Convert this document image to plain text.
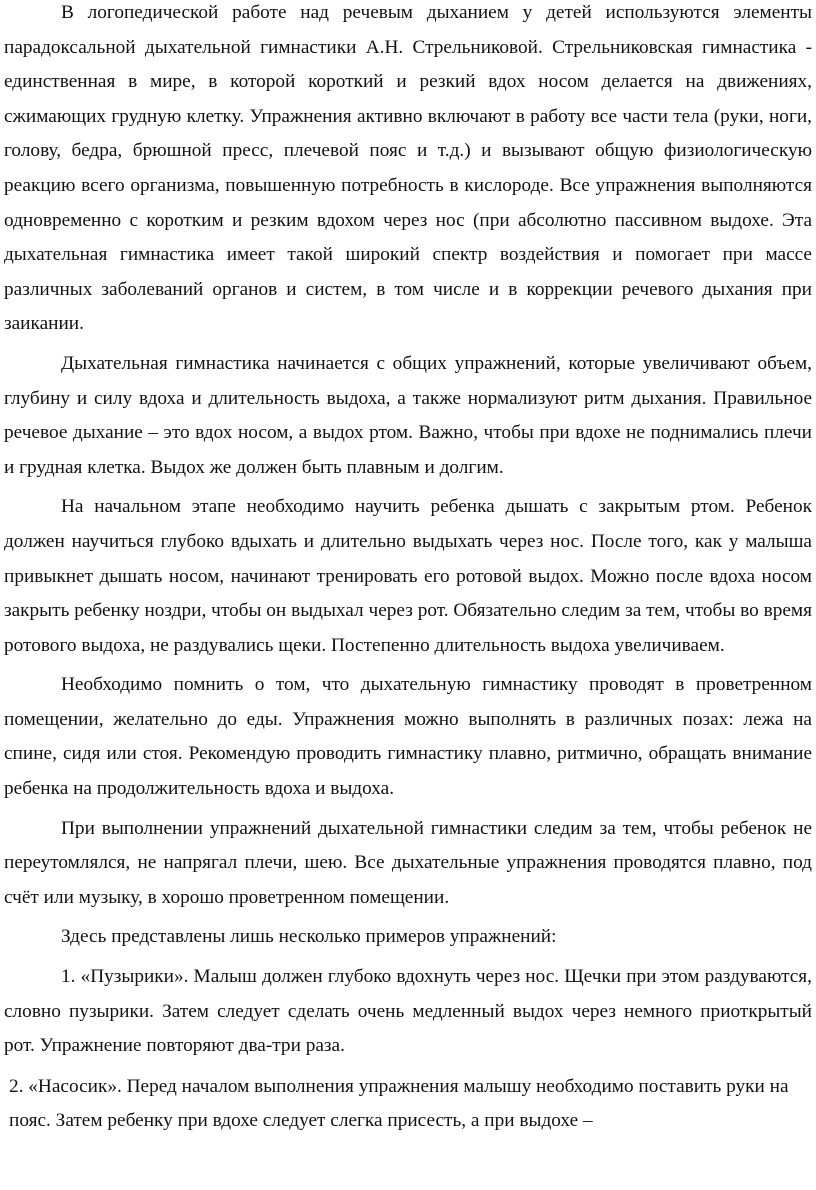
В логопедической работе над речевым дыханием у детей используются элементы парадоксальной дыхательной гимнастики А.Н. Стрельниковой. Стрельниковская гимнастика - единственная в мире, в которой короткий и резкий вдох носом делается на движениях, сжимающих грудную клетку. Упражнения активно включают в работу все части тела (руки, ноги, голову, бедра, брюшной пресс, плечевой пояс и т.д.) и вызывают общую физиологическую реакцию всего организма, повышенную потребность в кислороде. Все упражнения выполняются одновременно с коротким и резким вдохом через нос (при абсолютно пассивном выдохе. Эта дыхательная гимнастика имеет такой широкий спектр воздействия и помогает при массе различных заболеваний органов и систем, в том числе и в коррекции речевого дыхания при заикании.

Дыхательная гимнастика начинается с общих упражнений, которые увеличивают объем, глубину и силу вдоха и длительность выдоха, а также нормализуют ритм дыхания. Правильное речевое дыхание – это вдох носом, а выдох ртом. Важно, чтобы при вдохе не поднимались плечи и грудная клетка. Выдох же должен быть плавным и долгим.

На начальном этапе необходимо научить ребенка дышать с закрытым ртом. Ребенок должен научиться глубоко вдыхать и длительно выдыхать через нос. После того, как у малыша привыкнет дышать носом, начинают тренировать его ротовой выдох. Можно после вдоха носом закрыть ребенку ноздри, чтобы он выдыхал через рот. Обязательно следим за тем, чтобы во время ротового выдоха, не раздувались щеки. Постепенно длительность выдоха увеличиваем.

Необходимо помнить о том, что дыхательную гимнастику проводят в проветренном помещении, желательно до еды. Упражнения можно выполнять в различных позах: лежа на спине, сидя или стоя. Рекомендую проводить гимнастику плавно, ритмично, обращать внимание ребенка на продолжительность вдоха и выдоха.

При выполнении упражнений дыхательной гимнастики следим за тем, чтобы ребенок не переутомлялся, не напрягал плечи, шею. Все дыхательные упражнения проводятся плавно, под счёт или музыку, в хорошо проветренном помещении.

Здесь представлены лишь несколько примеров упражнений:

1. «Пузырики». Малыш должен глубоко вдохнуть через нос. Щечки при этом раздуваются, словно пузырики. Затем следует сделать очень медленный выдох через немного приоткрытый рот. Упражнение повторяют два-три раза.

2. «Насосик». Перед началом выполнения упражнения малышу необходимо поставить руки на пояс. Затем ребенку при вдохе следует слегка присесть, а при выдохе –
